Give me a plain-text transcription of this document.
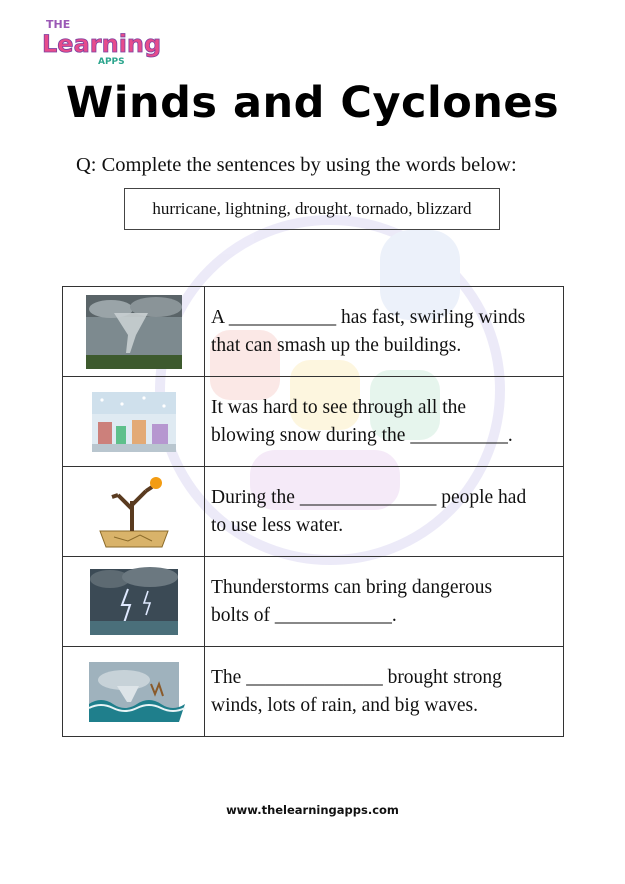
THE
Learning
APPS
Winds and Cyclones
Q: Complete the sentences by using the words below:
hurricane, lightning, drought, tornado, blizzard

A ___________ has fast, swirling winds
that can smash up the buildings.

It was hard to see through all the
blowing snow during the __________.

During the ______________ people had
to use less water.

Thunderstorms can bring dangerous
bolts of ____________.

The ______________ brought strong
winds, lots of rain, and big waves.
www.thelearningapps.com
